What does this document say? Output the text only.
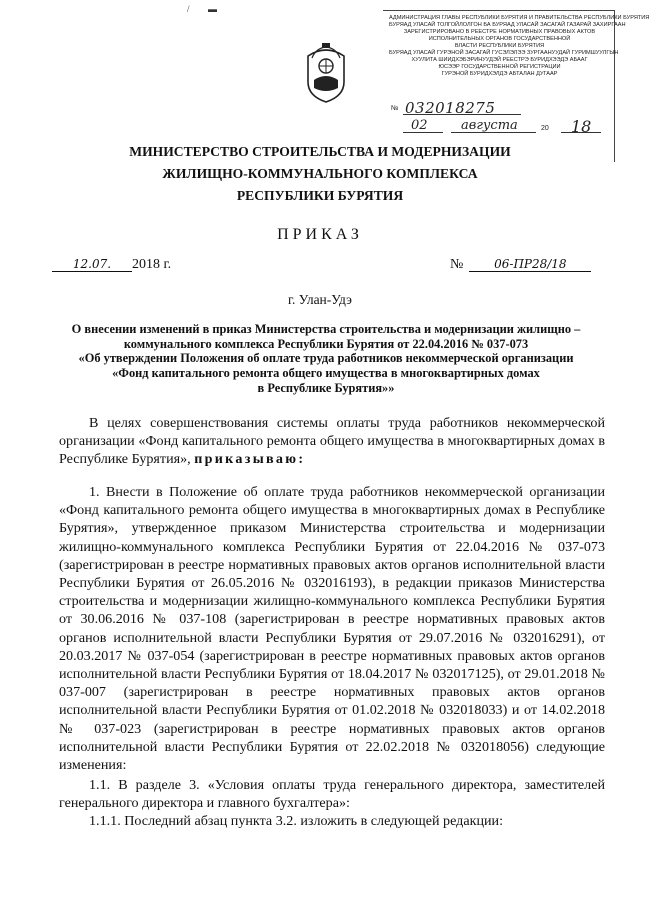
/ ▬
АДМИНИСТРАЦИЯ ГЛАВЫ РЕСПУБЛИКИ БУРЯТИЯ И ПРАВИТЕЛЬСТВА РЕСПУБЛИКИ БУРЯТИЯ
БУРЯАД УЛАСАЙ ТОЛГОЙЛОЛГОН БА БУРЯАД УЛАСАЙ ЗАСАГАЙ ГАЗАРАЙ ЗАХИРГААН
ЗАРЕГИСТРИРОВАНО В РЕЕСТРЕ НОРМАТИВНЫХ ПРАВОВЫХ АКТОВ
ИСПОЛНИТЕЛЬНЫХ ОРГАНОВ ГОСУДАРСТВЕННОЙ
ВЛАСТИ РЕСПУБЛИКИ БУРЯТИЯ
БУРЯАД УЛАСАЙ ГУРЭНОЙ ЗАСАГАЙ ГУСЭЛЭЛЭЭ ЗУРГААНУУДАЙ ГУРИМШУУЛГЫН
ХУУЛИТА ШИИДХЭБЭРИНУУДЭЙ РЕЕСТРЭ БУРИДХЭЭДЭ АБААГ
ЮСЭЭР ГОСУДАРСТВЕННОЙ РЕГИСТРАЦИИ
ГУРЭНОЙ БУРИДХЭЛДЭ АБТАЛАН ДУГААР
№ 032018275
02	августа	20 18
МИНИСТЕРСТВО СТРОИТЕЛЬСТВА И МОДЕРНИЗАЦИИ
ЖИЛИЩНО-КОММУНАЛЬНОГО КОМПЛЕКСА
РЕСПУБЛИКИ БУРЯТИЯ
ПРИКАЗ
12.07. 2018 г.	№	06-ПР28/18
г. Улан-Удэ
О внесении изменений в приказ Министерства строительства и модернизации жилищно –
коммунального комплекса Республики Бурятия от 22.04.2016 № 037-073
«Об утверждении Положения об оплате труда работников некоммерческой организации
«Фонд капитального ремонта общего имущества в многоквартирных домах
в Республике Бурятия»»
В целях совершенствования системы оплаты труда работников некоммерческой организации «Фонд капитального ремонта общего имущества в многоквартирных домах в Республике Бурятия», приказываю:
1. Внести в Положение об оплате труда работников некоммерческой организации «Фонд капитального ремонта общего имущества в многоквартирных домах в Республике Бурятия», утвержденное приказом Министерства строительства и модернизации жилищно-коммунального комплекса Республики Бурятия от 22.04.2016 № 037-073 (зарегистрирован в реестре нормативных правовых актов органов исполнительной власти Республики Бурятия от 26.05.2016 № 032016193), в редакции приказов Министерства строительства и модернизации жилищно-коммунального комплекса Республики Бурятия от 30.06.2016 № 037-108 (зарегистрирован в реестре нормативных правовых актов органов исполнительной власти Республики Бурятия от 29.07.2016 № 032016291), от 20.03.2017 № 037-054 (зарегистрирован в реестре нормативных правовых актов органов исполнительной власти Республики Бурятия от 18.04.2017 № 032017125), от 29.01.2018 № 037-007 (зарегистрирован в реестре нормативных правовых актов органов исполнительной власти Республики Бурятия от 01.02.2018 № 032018033) и от 14.02.2018 № 037-023 (зарегистрирован в реестре нормативных правовых актов органов исполнительной власти Республики Бурятия от 22.02.2018 № 032018056) следующие изменения:
1.1. В разделе 3. «Условия оплаты труда генерального директора, заместителей генерального директора и главного бухгалтера»:
1.1.1. Последний абзац пункта 3.2. изложить в следующей редакции:
